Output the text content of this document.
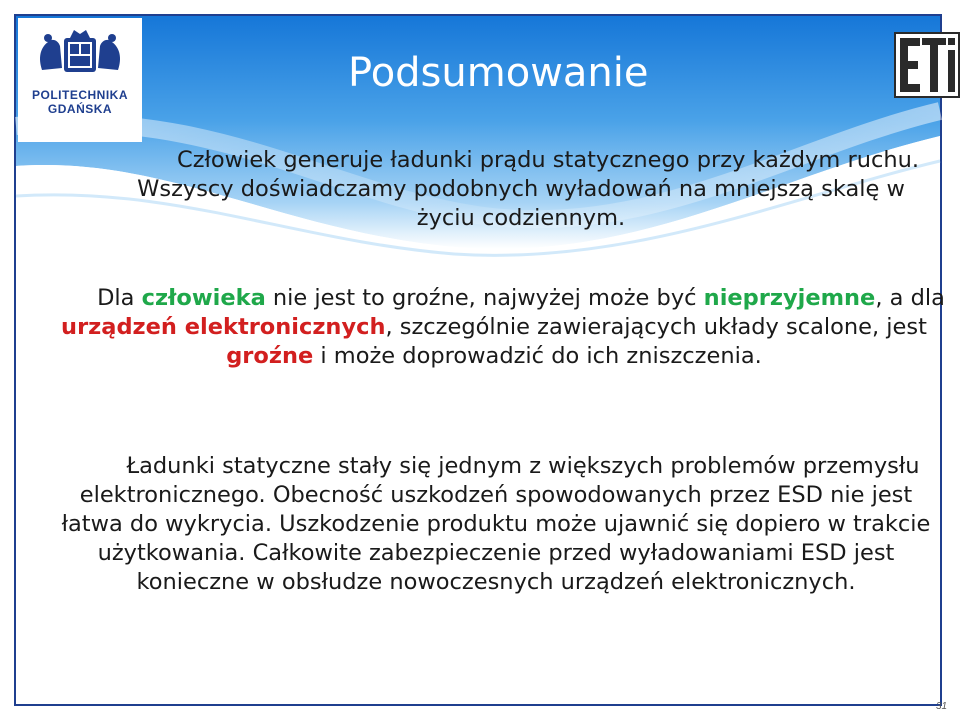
POLITECHNIKA
GDAŃSKA
Podsumowanie

Człowiek generuje ładunki prądu statycznego przy każdym ruchu. Wszyscy doświadczamy podobnych wyładowań na mniejszą skalę w życiu codziennym.

Dla człowieka nie jest to groźne, najwyżej może być nieprzyjemne, a dla urządzeń elektronicznych, szczególnie zawierających układy scalone, jest groźne i może doprowadzić do ich zniszczenia.

Ładunki statyczne stały się jednym z większych problemów przemysłu elektronicznego. Obecność uszkodzeń spowodowanych przez ESD nie jest łatwa do wykrycia. Uszkodzenie produktu może ujawnić się dopiero w trakcie użytkowania. Całkowite zabezpieczenie przed wyładowaniami ESD jest konieczne w obsłudze nowoczesnych urządzeń elektronicznych.

31
